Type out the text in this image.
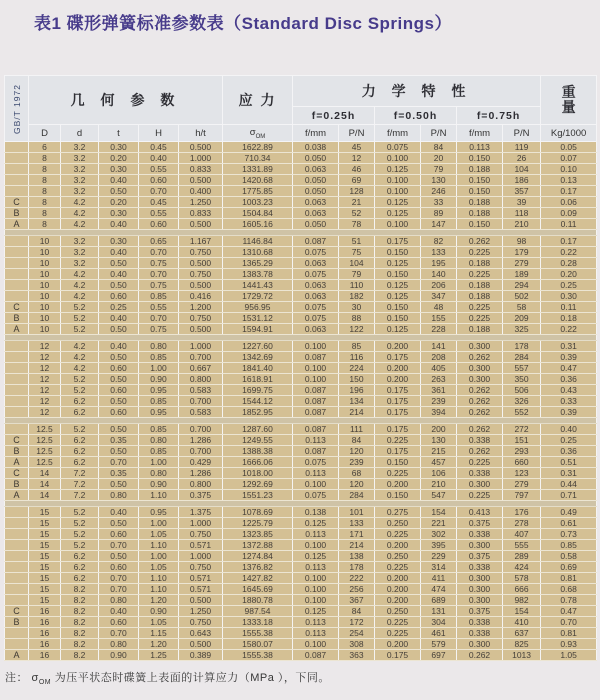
表1 碟形弹簧标准参数表（Standard Disc Springs）
GB/T 1972	几 何 参 数					应 力	力 学 特 性						重
量

							f=0.25h		f=0.50h		f=0.75h		
	D	d	t	H	h/t	$\sigma_{OM}$	f/mm	P/N	f/mm	P/N	f/mm	P/N	Kg/1000
	6	3.2	0.30	0.45	0.500	1622.89	0.038	45	0.075	84	0.113	119	0.05
	8	3.2	0.20	0.40	1.000	710.34	0.050	12	0.100	20	0.150	26	0.07
	8	3.2	0.30	0.55	0.833	1331.89	0.063	46	0.125	79	0.188	104	0.10
	8	3.2	0.40	0.60	0.500	1420.68	0.050	69	0.100	130	0.150	186	0.13
	8	3.2	0.50	0.70	0.400	1775.85	0.050	128	0.100	246	0.150	357	0.17
C	8	4.2	0.20	0.45	1.250	1003.23	0.063	21	0.125	33	0.188	39	0.06
B	8	4.2	0.30	0.55	0.833	1504.84	0.063	52	0.125	89	0.188	118	0.09
A	8	4.2	0.40	0.60	0.500	1605.16	0.050	78	0.100	147	0.150	210	0.11

	10	3.2	0.30	0.65	1.167	1146.84	0.087	51	0.175	82	0.262	98	0.17
	10	3.2	0.40	0.70	0.750	1310.68	0.075	75	0.150	133	0.225	179	0.22
	10	3.2	0.50	0.75	0.500	1365.29	0.063	104	0.125	195	0.188	279	0.28
	10	4.2	0.40	0.70	0.750	1383.78	0.075	79	0.150	140	0.225	189	0.20
	10	4.2	0.50	0.75	0.500	1441.43	0.063	110	0.125	206	0.188	294	0.25
	10	4.2	0.60	0.85	0.416	1729.72	0.063	182	0.125	347	0.188	502	0.30
C	10	5.2	0.25	0.55	1.200	956.95	0.075	30	0.150	48	0.225	58	0.11
B	10	5.2	0.40	0.70	0.750	1531.12	0.075	88	0.150	155	0.225	209	0.18
A	10	5.2	0.50	0.75	0.500	1594.91	0.063	122	0.125	228	0.188	325	0.22

	12	4.2	0.40	0.80	1.000	1227.60	0.100	85	0.200	141	0.300	178	0.31
	12	4.2	0.50	0.85	0.700	1342.69	0.087	116	0.175	208	0.262	284	0.39
	12	4.2	0.60	1.00	0.667	1841.40	0.100	224	0.200	405	0.300	557	0.47
	12	5.2	0.50	0.90	0.800	1618.91	0.100	150	0.200	263	0.300	350	0.36
	12	5.2	0.60	0.95	0.583	1699.75	0.087	196	0.175	361	0.262	506	0.43
	12	6.2	0.50	0.85	0.700	1544.12	0.087	134	0.175	239	0.262	326	0.33
	12	6.2	0.60	0.95	0.583	1852.95	0.087	214	0.175	394	0.262	552	0.39

	12.5	5.2	0.50	0.85	0.700	1287.60	0.087	111	0.175	200	0.262	272	0.40
C	12.5	6.2	0.35	0.80	1.286	1249.55	0.113	84	0.225	130	0.338	151	0.25
B	12.5	6.2	0.50	0.85	0.700	1388.38	0.087	120	0.175	215	0.262	293	0.36
A	12.5	6.2	0.70	1.00	0.429	1666.06	0.075	239	0.150	457	0.225	660	0.51
C	14	7.2	0.35	0.80	1.286	1018.00	0.113	68	0.225	106	0.338	123	0.31
B	14	7.2	0.50	0.90	0.800	1292.69	0.100	120	0.200	210	0.300	279	0.44
A	14	7.2	0.80	1.10	0.375	1551.23	0.075	284	0.150	547	0.225	797	0.71

	15	5.2	0.40	0.95	1.375	1078.69	0.138	101	0.275	154	0.413	176	0.49
	15	5.2	0.50	1.00	1.000	1225.79	0.125	133	0.250	221	0.375	278	0.61
	15	5.2	0.60	1.05	0.750	1323.85	0.113	171	0.225	302	0.338	407	0.73
	15	5.2	0.70	1.10	0.571	1372.88	0.100	214	0.200	395	0.300	555	0.85
	15	6.2	0.50	1.00	1.000	1274.84	0.125	138	0.250	229	0.375	289	0.58
	15	6.2	0.60	1.05	0.750	1376.82	0.113	178	0.225	314	0.338	424	0.69
	15	6.2	0.70	1.10	0.571	1427.82	0.100	222	0.200	411	0.300	578	0.81
	15	8.2	0.70	1.10	0.571	1645.69	0.100	256	0.200	474	0.300	666	0.68
	15	8.2	0.80	1.20	0.500	1880.78	0.100	367	0.200	689	0.300	982	0.78
C	16	8.2	0.40	0.90	1.250	987.54	0.125	84	0.250	131	0.375	154	0.47
B	16	8.2	0.60	1.05	0.750	1333.18	0.113	172	0.225	304	0.338	410	0.70
	16	8.2	0.70	1.15	0.643	1555.38	0.113	254	0.225	461	0.338	637	0.81
	16	8.2	0.80	1.20	0.500	1580.07	0.100	308	0.200	579	0.300	825	0.93
A	16	8.2	0.90	1.25	0.389	1555.38	0.087	363	0.175	697	0.262	1013	1.05
注： $\sigma_{OM}$ 为压平状态时碟簧上表面的计算应力（MPa ），下同。
